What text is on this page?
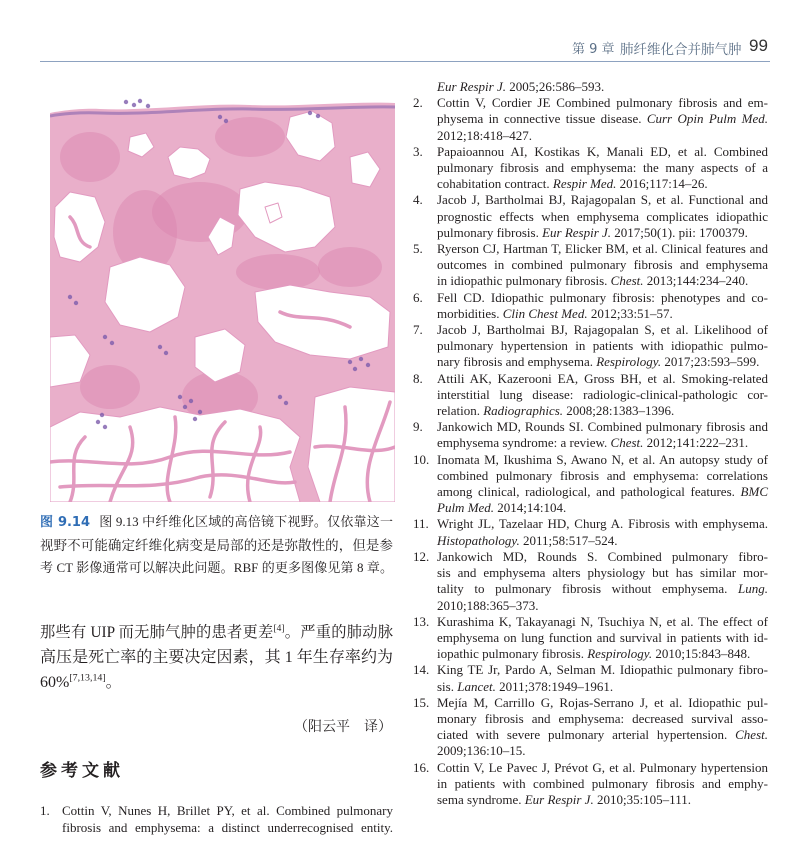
第 9 章 肺纤维化合并肺气肿 99
图 9.14 图 9.13 中纤维化区域的高倍镜下视野。仅依靠这一
视野不可能确定纤维化病变是局部的还是弥散性的，但是参
考 CT 影像通常可以解决此问题。RBF 的更多图像见第 8 章。
那些有 UIP 而无肺气肿的患者更差[4]。严重的肺动脉
高压是死亡率的主要决定因素，其 1 年生存率约为
60%[7,13,14]。
（阳云平　译）
参考文献
1. Cottin V, Nunes H, Brillet PY, et al. Combined pulmonary
fibrosis and emphysema: a distinct underrecognised entity.
Eur Respir J. 2005;26:586–593.
2.	Cottin V, Cordier JE Combined pulmonary fibrosis and em-
physema in connective tissue disease. Curr Opin Pulm Med.
2012;18:418–427.
3.	Papaioannou AI, Kostikas K, Manali ED, et al. Combined
pulmonary fibrosis and emphysema: the many aspects of a
cohabitation contract. Respir Med. 2016;117:14–26.
4.	Jacob J, Bartholmai BJ, Rajagopalan S, et al. Functional and
prognostic effects when emphysema complicates idiopathic
pulmonary fibrosis. Eur Respir J. 2017;50(1). pii: 1700379.
5.	Ryerson CJ, Hartman T, Elicker BM, et al. Clinical features and
outcomes in combined pulmonary fibrosis and emphysema
in idiopathic pulmonary fibrosis. Chest. 2013;144:234–240.
6.	Fell CD. Idiopathic pulmonary fibrosis: phenotypes and co-
morbidities. Clin Chest Med. 2012;33:51–57.
7.	Jacob J, Bartholmai BJ, Rajagopalan S, et al. Likelihood of
pulmonary hypertension in patients with idiopathic pulmo-
nary fibrosis and emphysema. Respirology. 2017;23:593–599.
8.	Attili AK, Kazerooni EA, Gross BH, et al. Smoking-related
interstitial lung disease: radiologic-clinical-pathologic cor-
relation. Radiographics. 2008;28:1383–1396.
9.	Jankowich MD, Rounds SI. Combined pulmonary fibrosis and
emphysema syndrome: a review. Chest. 2012;141:222–231.
10. Inomata M, Ikushima S, Awano N, et al. An autopsy study of
combined pulmonary fibrosis and emphysema: correlations
among clinical, radiological, and pathological features. BMC
Pulm Med. 2014;14:104.
11. Wright JL, Tazelaar HD, Churg A. Fibrosis with emphysema.
Histopathology. 2011;58:517–524.
12. Jankowich MD, Rounds S. Combined pulmonary fibro-
sis and emphysema alters physiology but has similar mor-
tality to pulmonary fibrosis without emphysema. Lung.
2010;188:365–373.
13. Kurashima K, Takayanagi N, Tsuchiya N, et al. The effect of
emphysema on lung function and survival in patients with id-
iopathic pulmonary fibrosis. Respirology. 2010;15:843–848.
14. King TE Jr, Pardo A, Selman M. Idiopathic pulmonary fibro-
sis. Lancet. 2011;378:1949–1961.
15. Mejía M, Carrillo G, Rojas-Serrano J, et al. Idiopathic pul-
monary fibrosis and emphysema: decreased survival asso-
ciated with severe pulmonary arterial hypertension. Chest.
2009;136:10–15.
16. Cottin V, Le Pavec J, Prévot G, et al. Pulmonary hypertension
in patients with combined pulmonary fibrosis and emphy-
sema syndrome. Eur Respir J. 2010;35:105–111.
